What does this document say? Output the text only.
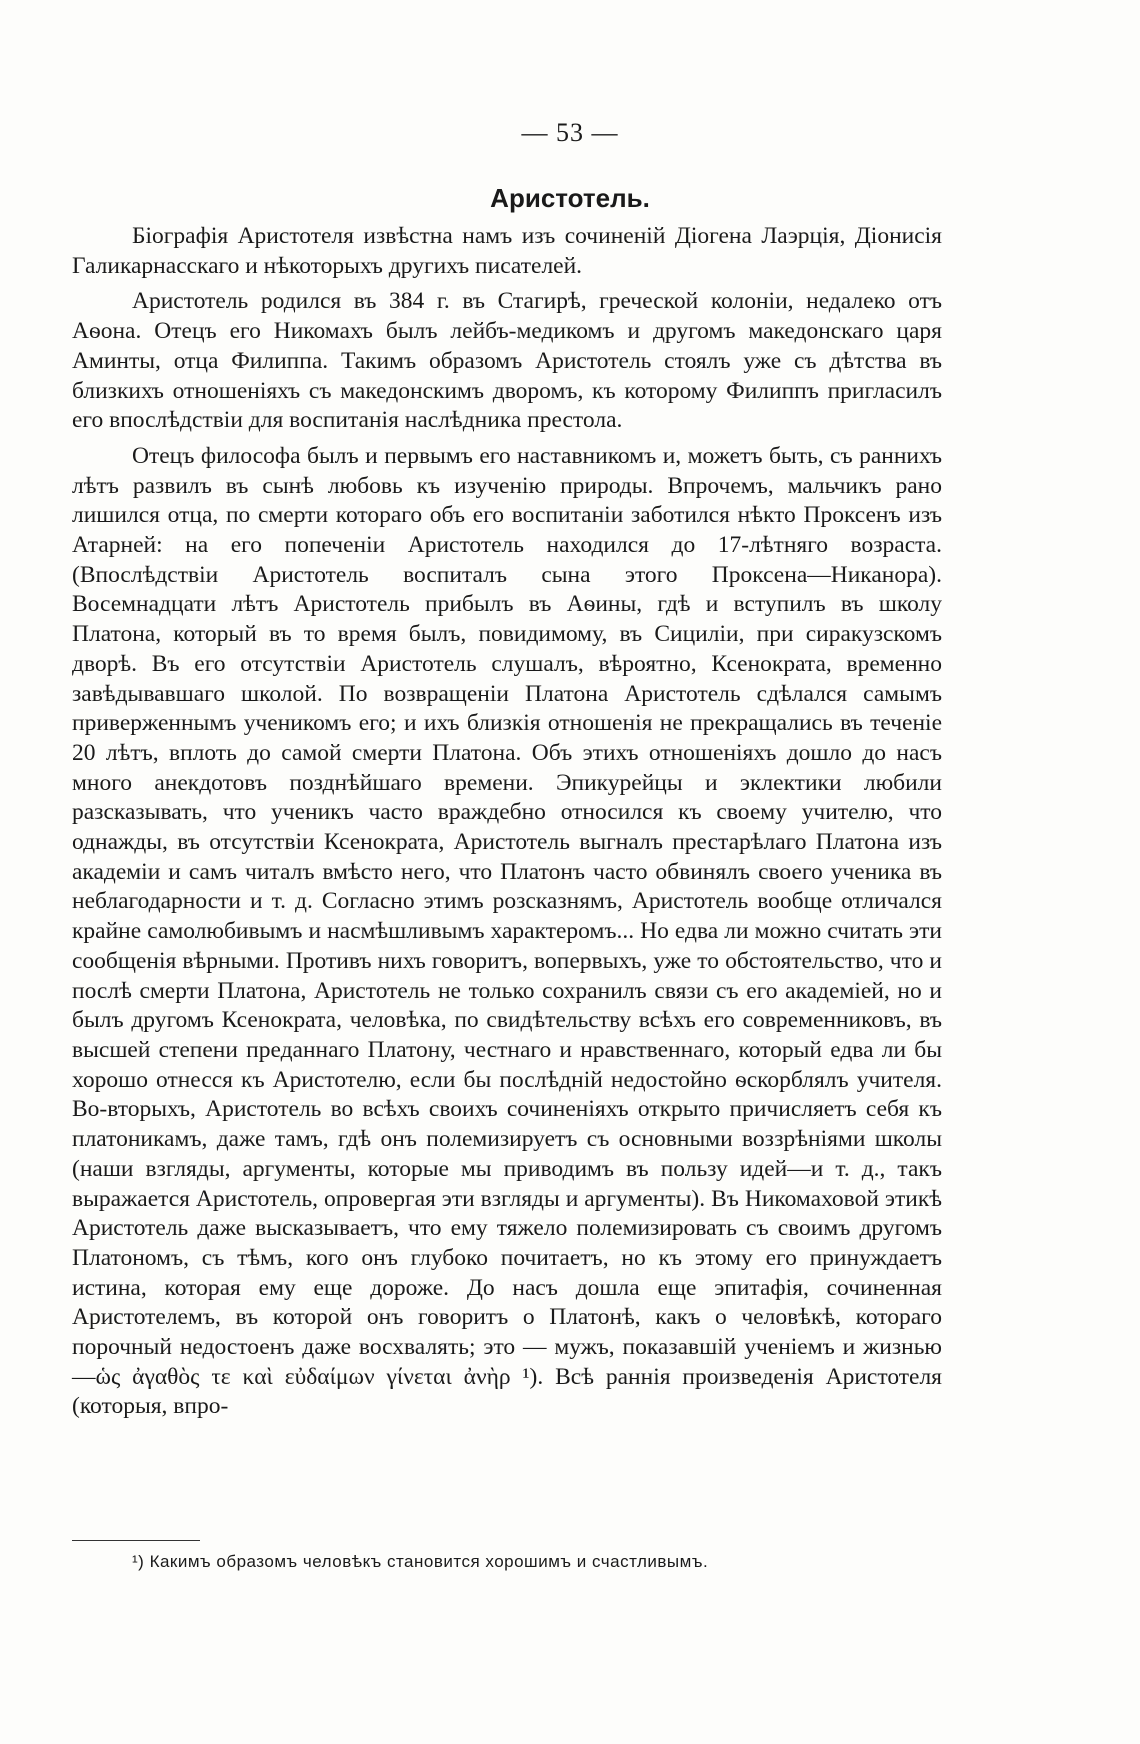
— 53 —
Аристотель.

Біографія Аристотеля извѣстна намъ изъ сочиненій Діогена Лаэрція, Діонисія Галикарнасскаго и нѣкоторыхъ другихъ писателей.

Аристотель родился въ 384 г. въ Стагирѣ, греческой колоніи, недалеко отъ Аѳона. Отецъ его Никомахъ былъ лейбъ-медикомъ и другомъ македонскаго царя Аминты, отца Филиппа. Такимъ образомъ Аристотель стоялъ уже съ дѣтства въ близкихъ отношеніяхъ съ македонскимъ дворомъ, къ которому Филиппъ пригласилъ его впослѣдствіи для воспитанія наслѣдника престола.

Отецъ философа былъ и первымъ его наставникомъ и, можетъ быть, съ раннихъ лѣтъ развилъ въ сынѣ любовь къ изученію природы. Впрочемъ, мальчикъ рано лишился отца, по смерти котораго объ его воспитаніи заботился нѣкто Проксенъ изъ Атарней: на его попеченіи Аристотель находился до 17-лѣтняго возраста. (Впослѣдствіи Аристотель воспиталъ сына этого Проксена—Никанора). Восемнадцати лѣтъ Аристотель прибылъ въ Аѳины, гдѣ и вступилъ въ школу Платона, который въ то время былъ, повидимому, въ Сициліи, при сиракузскомъ дворѣ. Въ его отсутствіи Аристотель слушалъ, вѣроятно, Ксенократа, временно завѣдывавшаго школой. По возвращеніи Платона Аристотель сдѣлался самымъ приверженнымъ ученикомъ его; и ихъ близкія отношенія не прекращались въ теченіе 20 лѣтъ, вплоть до самой смерти Платона. Объ этихъ отношеніяхъ дошло до насъ много анекдотовъ позднѣйшаго времени. Эпикурейцы и эклектики любили разсказывать, что ученикъ часто враждебно относился къ своему учителю, что однажды, въ отсутствіи Ксенократа, Аристотель выгналъ престарѣлаго Платона изъ академіи и самъ читалъ вмѣсто него, что Платонъ часто обвинялъ своего ученика въ неблагодарности и т. д. Согласно этимъ розсказнямъ, Аристотель вообще отличался крайне самолюбивымъ и насмѣшливымъ характеромъ... Но едва ли можно считать эти сообщенія вѣрными. Противъ нихъ говоритъ, вопервыхъ, уже то обстоятельство, что и послѣ смерти Платона, Аристотель не только сохранилъ связи съ его академіей, но и былъ другомъ Ксенократа, человѣка, по свидѣтельству всѣхъ его современниковъ, въ высшей степени преданнаго Платону, честнаго и нравственнаго, который едва ли бы хорошо отнесся къ Аристотелю, если бы послѣдній недостойно ѳскорблялъ учителя. Во-вторыхъ, Аристотель во всѣхъ своихъ сочиненіяхъ открыто причисляетъ себя къ платоникамъ, даже тамъ, гдѣ онъ полемизируетъ съ основными воззрѣніями школы (наши взгляды, аргументы, которые мы приводимъ въ пользу идей—и т. д., такъ выражается Аристотель, опровергая эти взгляды и аргументы). Въ Никомаховой этикѣ Аристотель даже высказываетъ, что ему тяжело полемизировать съ своимъ другомъ Платономъ, съ тѣмъ, кого онъ глубоко почитаетъ, но къ этому его принуждаетъ истина, которая ему еще дороже. До насъ дошла еще эпитафія, сочиненная Аристотелемъ, въ которой онъ говоритъ о Платонѣ, какъ о человѣкѣ, котораго порочный недостоенъ даже восхвалять; это — мужъ, показавшій ученіемъ и жизнью—ὡς ἀγαθὸς τε καὶ εὐδαίμων γίνεται ἀνὴρ ¹). Всѣ раннія произведенія Аристотеля (которыя, впро-

¹) Какимъ образомъ человѣкъ становится хорошимъ и счастливымъ.
